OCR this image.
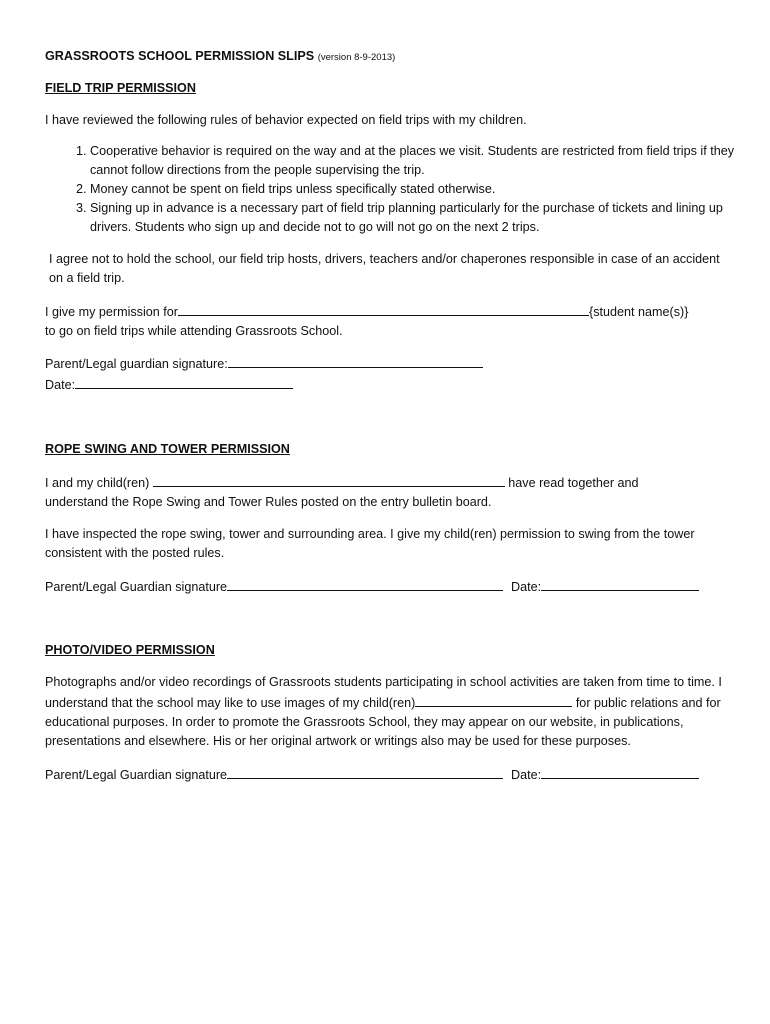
GRASSROOTS SCHOOL PERMISSION SLIPS (version 8-9-2013)

FIELD TRIP PERMISSION

I have reviewed the following rules of behavior expected on field trips with my children.

1. Cooperative behavior is required on the way and at the places we visit. Students are restricted from field trips if they cannot follow directions from the people supervising the trip.
2. Money cannot be spent on field trips unless specifically stated otherwise.
3. Signing up in advance is a necessary part of field trip planning particularly for the purchase of tickets and lining up drivers. Students who sign up and decide not to go will not go on the next 2 trips.

I agree not to hold the school, our field trip hosts, drivers, teachers and/or chaperones responsible in case of an accident on a field trip.

I give my permission for	{student name(s)}

to go on field trips while attending Grassroots School.

Parent/Legal guardian signature:

Date:

ROPE SWING AND TOWER PERMISSION

I and my child(ren)	have read together and

understand the Rope Swing and Tower Rules posted on the entry bulletin board.

I have inspected the rope swing, tower and surrounding area. I give my child(ren) permission to swing from the tower consistent with the posted rules.

Parent/Legal Guardian signature	Date:

PHOTO/VIDEO PERMISSION

Photographs and/or video recordings of Grassroots students participating in school activities are taken from time to time. I understand that the school may like to use images of my child(ren)	for public relations and for educational purposes. In order to promote the Grassroots School, they may appear on our website, in publications, presentations and elsewhere. His or her original artwork or writings also may be used for these purposes.

Parent/Legal Guardian signature	Date:
